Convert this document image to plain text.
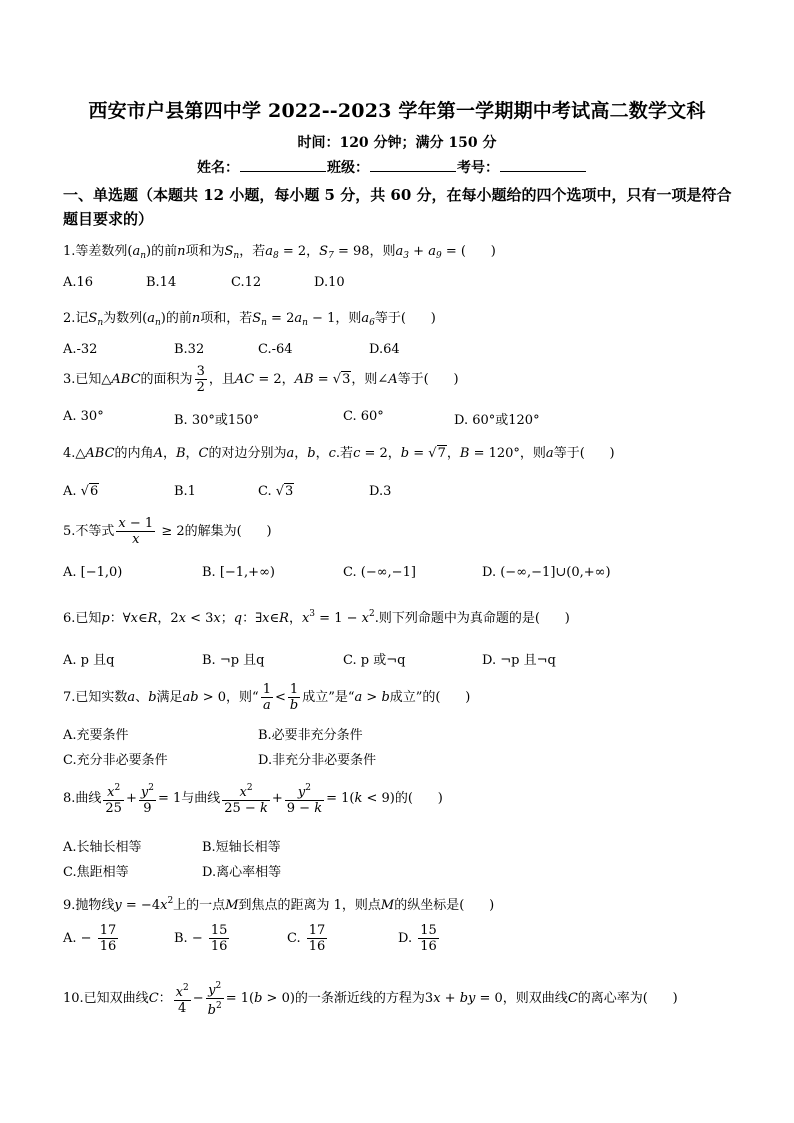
西安市户县第四中学 2022--2023 学年第一学期期中考试高二数学文科
时间：120 分钟；满分 150 分
姓名：	班级：	考号：
一、单选题（本题共 12 小题，每小题 5 分，共 60 分，在每小题给的四个选项中，只有一项是符合题目要求的）
1.等差数列$(a_n)$的前n项和为$S_n$，若$a_8 = 2$，$S_7 = 98$，则$a_3 + a_9$ = (      )
A.16	B.14	C.12	D.10
2.记$S_n$为数列$(a_n)$的前n项和，若$S_n = 2a_n - 1$，则$a_6$等于(      )
A.-32	B.32	C.-64	D.64
3.已知△ABC的面积为 $\frac{3}{2}$ ，且AC = 2，AB = √3，则∠A等于(      )
A. 30°	B. 30°或150°	C. 60°	D. 60°或120°
4.△ABC的内角A，B，C的对边分别为a，b，c.若c = 2，b = √7，B = 120°，则a等于(      )
A. √6	B.1	C. √3	D.3
5.不等式 $\frac{x - 1}{x} \ge 2$的解集为(      )
A. [−1,0)	B. [−1,+∞)	C. (−∞,−1]	D. (−∞,−1]∪(0,+∞)
6.已知p：∀x∈R，2x < 3x；q：∃x∈R，$x^3 = 1 - x^2$.则下列命题中为真命题的是(      )
A. p 且q	B. ¬p 且q	C. p 或¬q	D. ¬p 且¬q
7.已知实数a、b满足ab > 0，则“ $\frac{1}{a} < \frac{1}{b}$ 成立”是“a > b成立”的(      )
A.充要条件	B.必要非充分条件
C.充分非必要条件	D.非充分非必要条件
8.曲线 $\frac{x^2}{25} + \frac{y^2}{9} = 1$与曲线 $\frac{x^2}{25 - k} + \frac{y^2}{9 - k} = 1(k < 9)$的(      )
A.长轴长相等	B.短轴长相等
C.焦距相等	D.离心率相等
9.抛物线$y = -4x^2$上的一点M到焦点的距离为 1，则点M的纵坐标是(      )
A. − $\frac{17}{16}$	B. − $\frac{15}{16}$	C. $\frac{17}{16}$	D. $\frac{15}{16}$
10.已知双曲线C： $\frac{x^2}{4} - \frac{y^2}{b^2} = 1(b > 0)$的一条渐近线的方程为3x + by = 0，则双曲线C的离心率为(      )
